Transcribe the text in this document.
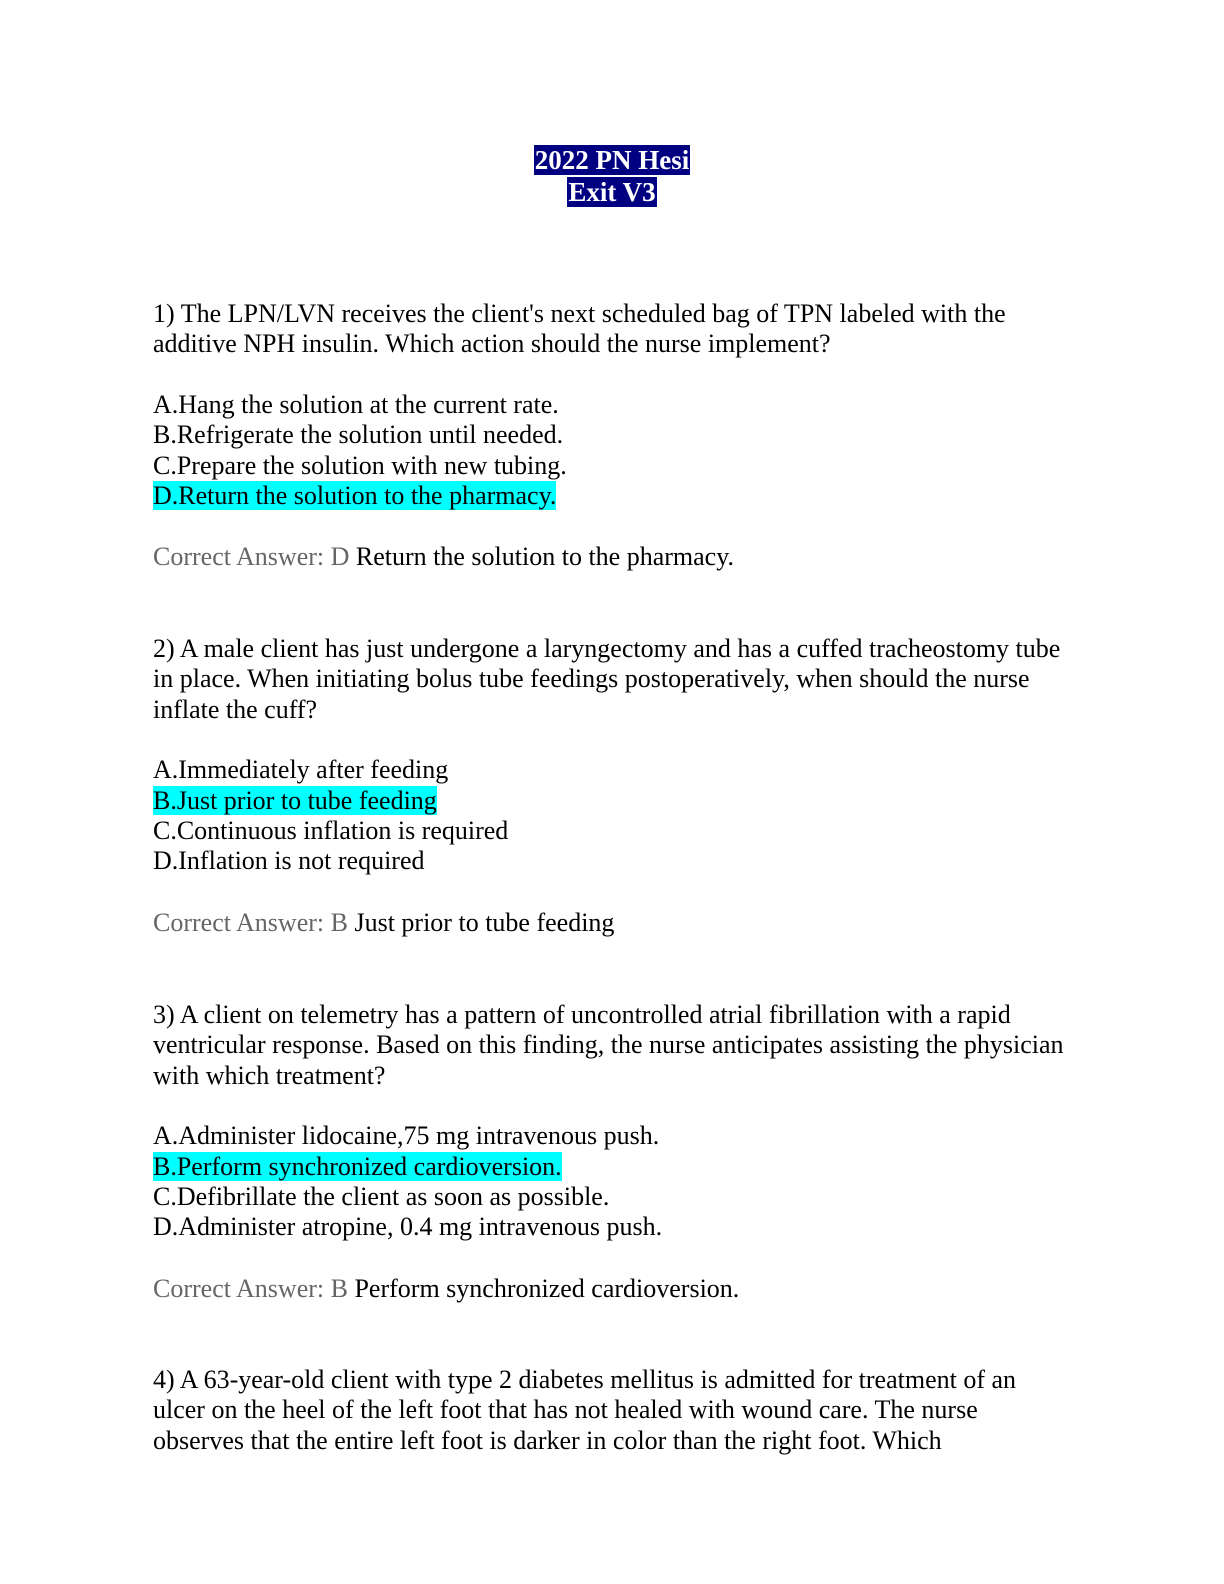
2022 PN Hesi
Exit V3

1) The LPN/LVN receives the client's next scheduled bag of TPN labeled with the additive NPH insulin. Which action should the nurse implement?

A.Hang the solution at the current rate.
B.Refrigerate the solution until needed.
C.Prepare the solution with new tubing.
D.Return the solution to the pharmacy.
Correct Answer: D Return the solution to the pharmacy.

2) A male client has just undergone a laryngectomy and has a cuffed tracheostomy tube in place. When initiating bolus tube feedings postoperatively, when should the nurse inflate the cuff?

A.Immediately after feeding
B.Just prior to tube feeding
C.Continuous inflation is required
D.Inflation is not required
Correct Answer: B Just prior to tube feeding

3) A client on telemetry has a pattern of uncontrolled atrial fibrillation with a rapid ventricular response. Based on this finding, the nurse anticipates assisting the physician with which treatment?

A.Administer lidocaine,75 mg intravenous push.
B.Perform synchronized cardioversion.
C.Defibrillate the client as soon as possible.
D.Administer atropine, 0.4 mg intravenous push.
Correct Answer: B Perform synchronized cardioversion.

4) A 63-year-old client with type 2 diabetes mellitus is admitted for treatment of an ulcer on the heel of the left foot that has not healed with wound care. The nurse observes that the entire left foot is darker in color than the right foot. Which
